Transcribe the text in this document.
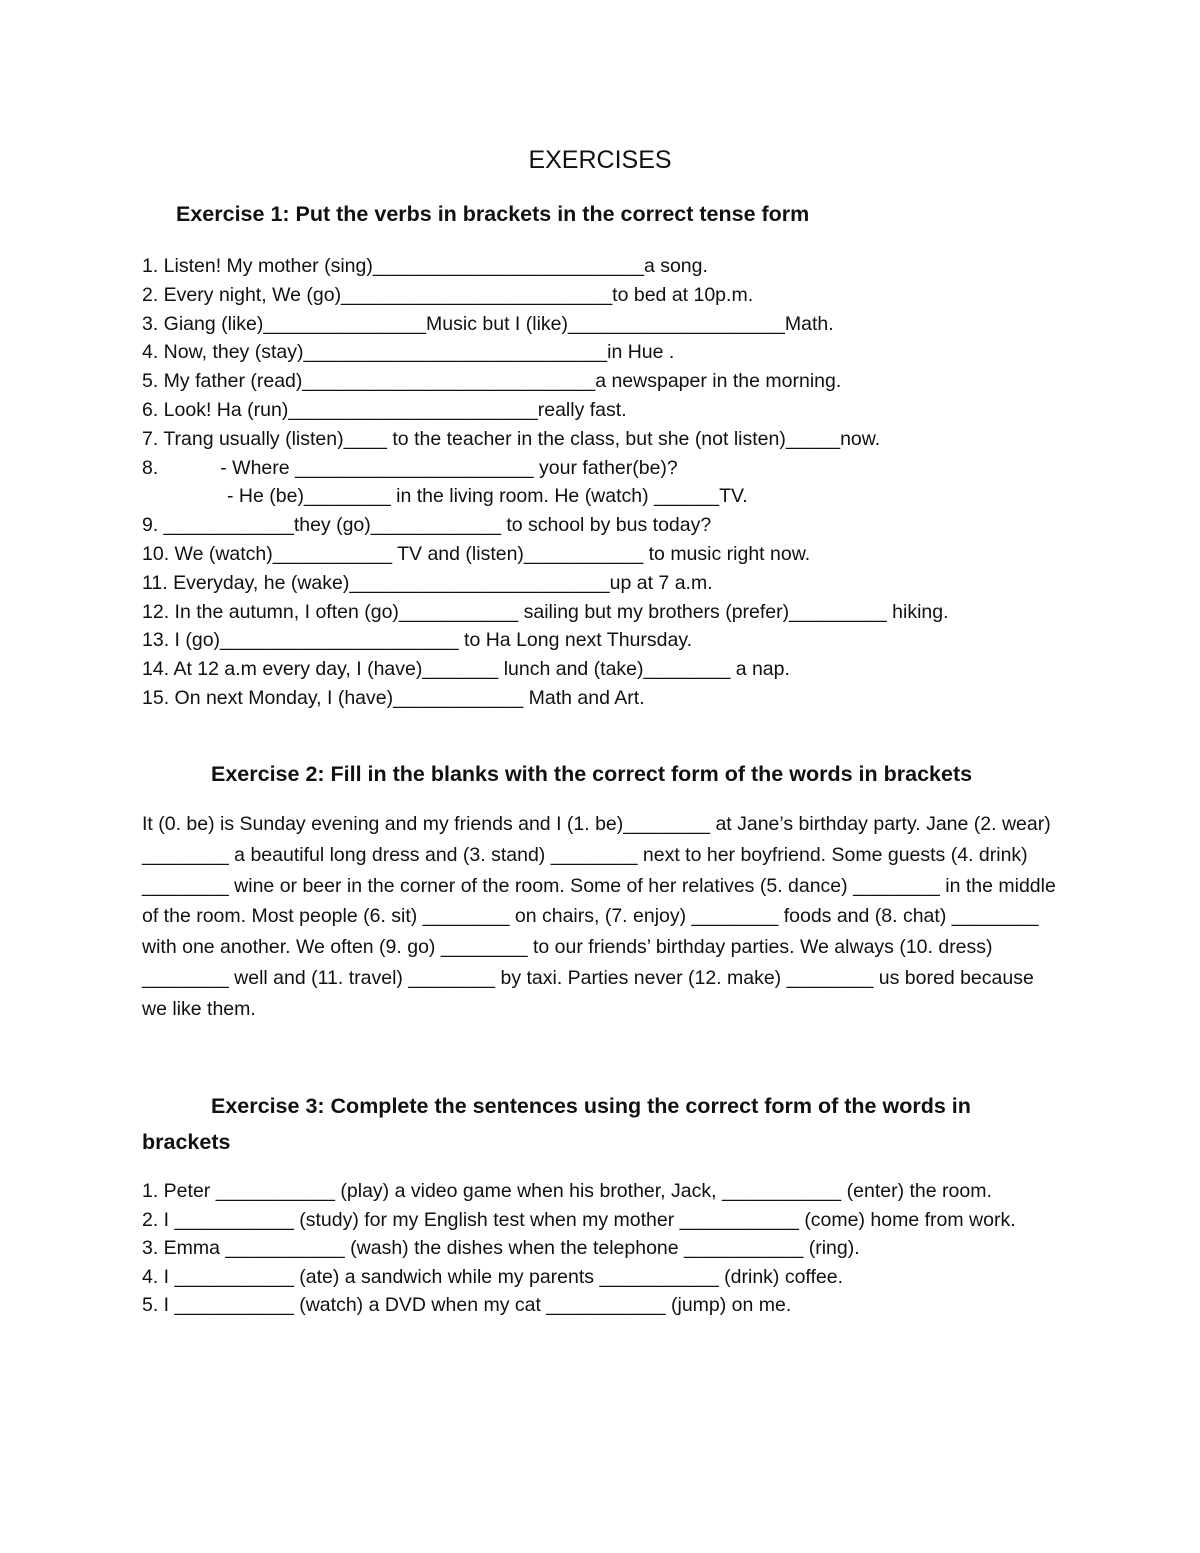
EXERCISES
Exercise 1: Put the verbs in brackets in the correct tense form
1. Listen! My mother (sing)_________________________a song.
2. Every night, We (go)_________________________to bed at 10p.m.
3. Giang (like)_______________Music but I (like)____________________Math.
4. Now, they (stay)____________________________in Hue .
5. My father (read)___________________________a newspaper in the morning.
6. Look! Ha (run)_______________________really fast.
7. Trang usually (listen)____ to the teacher in the class, but she (not listen)_____now.
8.	- Where ______________________ your father(be)?
- He (be)________ in the living room. He (watch) ______TV.
9. ____________they (go)____________ to school by bus today?
10. We (watch)___________ TV and (listen)___________ to music right now.
11. Everyday, he (wake)________________________up at 7 a.m.
12. In the autumn, I often (go)___________ sailing but my brothers (prefer)_________ hiking.
13. I (go)______________________ to Ha Long next Thursday.
14. At 12 a.m every day, I (have)_______ lunch and (take)________ a nap.
15. On next Monday, I (have)____________ Math and Art.
Exercise 2: Fill in the blanks with the correct form of the words in brackets

It (0. be) is Sunday evening and my friends and I (1. be)________ at Jane’s birthday party. Jane (2. wear) ________ a beautiful long dress and (3. stand) ________ next to her boyfriend. Some guests (4. drink) ________ wine or beer in the corner of the room. Some of her relatives (5. dance) ________ in the middle of the room. Most people (6. sit) ________ on chairs, (7. enjoy) ________ foods and (8. chat) ________ with one another. We often (9. go) ________ to our friends’ birthday parties. We always (10. dress) ________ well and (11. travel) ________ by taxi. Parties never (12. make) ________ us bored because we like them.

Exercise 3: Complete the sentences using the correct form of the words in brackets
1. Peter ___________ (play) a video game when his brother, Jack, ___________ (enter) the room.
2. I ___________ (study) for my English test when my mother ___________ (come) home from work.
3. Emma ___________ (wash) the dishes when the telephone ___________ (ring).
4. I ___________ (ate) a sandwich while my parents ___________ (drink) coffee.
5. I ___________ (watch) a DVD when my cat ___________ (jump) on me.
